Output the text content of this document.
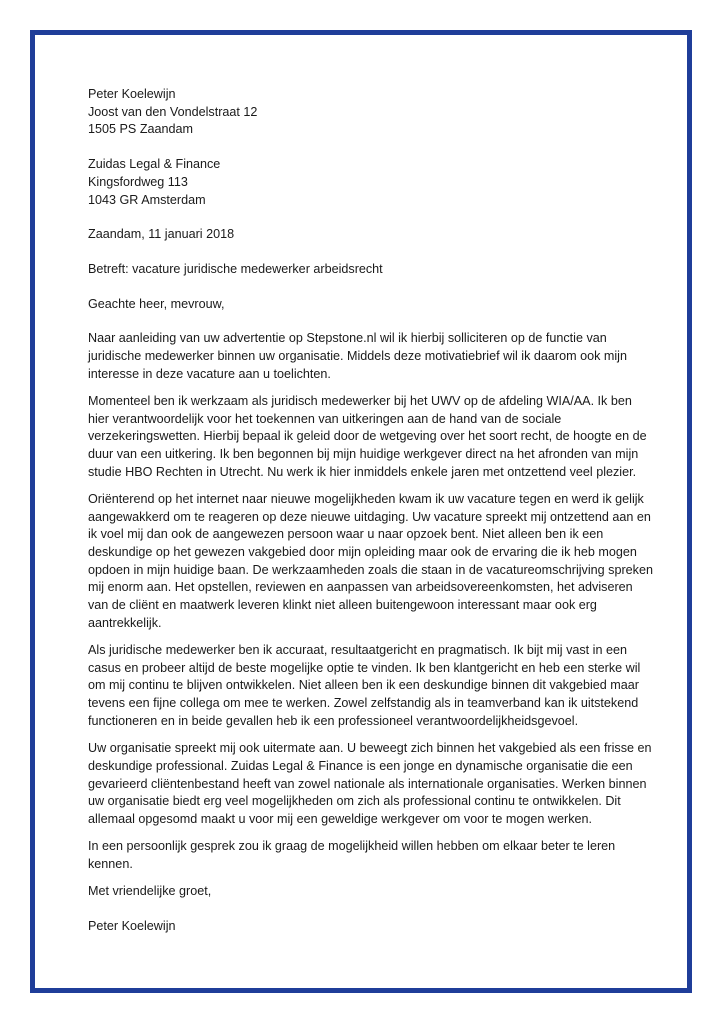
Peter Koelewijn

Joost van den Vondelstraat 12

1505 PS Zaandam

Zuidas Legal & Finance

Kingsfordweg 113

1043 GR Amsterdam

Zaandam, 11 januari 2018

Betreft: vacature juridische medewerker arbeidsrecht

Geachte heer, mevrouw,

Naar aanleiding van uw advertentie op Stepstone.nl wil ik hierbij solliciteren op de functie van

juridische medewerker binnen uw organisatie. Middels deze motivatiebrief wil ik daarom ook mijn

interesse in deze vacature aan u toelichten.

Momenteel ben ik werkzaam als juridisch medewerker bij het UWV op de afdeling WIA/AA. Ik ben

hier verantwoordelijk voor het toekennen van uitkeringen aan de hand van de sociale

verzekeringswetten. Hierbij bepaal ik geleid door de wetgeving over het soort recht, de hoogte en de

duur van een uitkering. Ik ben begonnen bij mijn huidige werkgever direct na het afronden van mijn

studie HBO Rechten in Utrecht. Nu werk ik hier inmiddels enkele jaren met ontzettend veel plezier.

Oriënterend op het internet naar nieuwe mogelijkheden kwam ik uw vacature tegen en werd ik gelijk

aangewakkerd om te reageren op deze nieuwe uitdaging. Uw vacature spreekt mij ontzettend aan en

ik voel mij dan ook de aangewezen persoon waar u naar opzoek bent. Niet alleen ben ik een

deskundige op het gewezen vakgebied door mijn opleiding maar ook de ervaring die ik heb mogen

opdoen in mijn huidige baan. De werkzaamheden zoals die staan in de vacatureomschrijving spreken

mij enorm aan. Het opstellen, reviewen en aanpassen van arbeidsovereenkomsten, het adviseren

van de cliënt en maatwerk leveren klinkt niet alleen buitengewoon interessant maar ook erg

aantrekkelijk.

Als juridische medewerker ben ik accuraat, resultaatgericht en pragmatisch. Ik bijt mij vast in een

casus en probeer altijd de beste mogelijke optie te vinden. Ik ben klantgericht en heb een sterke wil

om mij continu te blijven ontwikkelen. Niet alleen ben ik een deskundige binnen dit vakgebied maar

tevens een fijne collega om mee te werken. Zowel zelfstandig als in teamverband kan ik uitstekend

functioneren en in beide gevallen heb ik een professioneel verantwoordelijkheidsgevoel.

Uw organisatie spreekt mij ook uitermate aan. U beweegt zich binnen het vakgebied als een frisse en

deskundige professional. Zuidas Legal & Finance is een jonge en dynamische organisatie die een

gevarieerd cliëntenbestand heeft van zowel nationale als internationale organisaties. Werken binnen

uw organisatie biedt erg veel mogelijkheden om zich als professional continu te ontwikkelen. Dit

allemaal opgesomd maakt u voor mij een geweldige werkgever om voor te mogen werken.

In een persoonlijk gesprek zou ik graag de mogelijkheid willen hebben om elkaar beter te leren

kennen.

Met vriendelijke groet,

Peter Koelewijn
